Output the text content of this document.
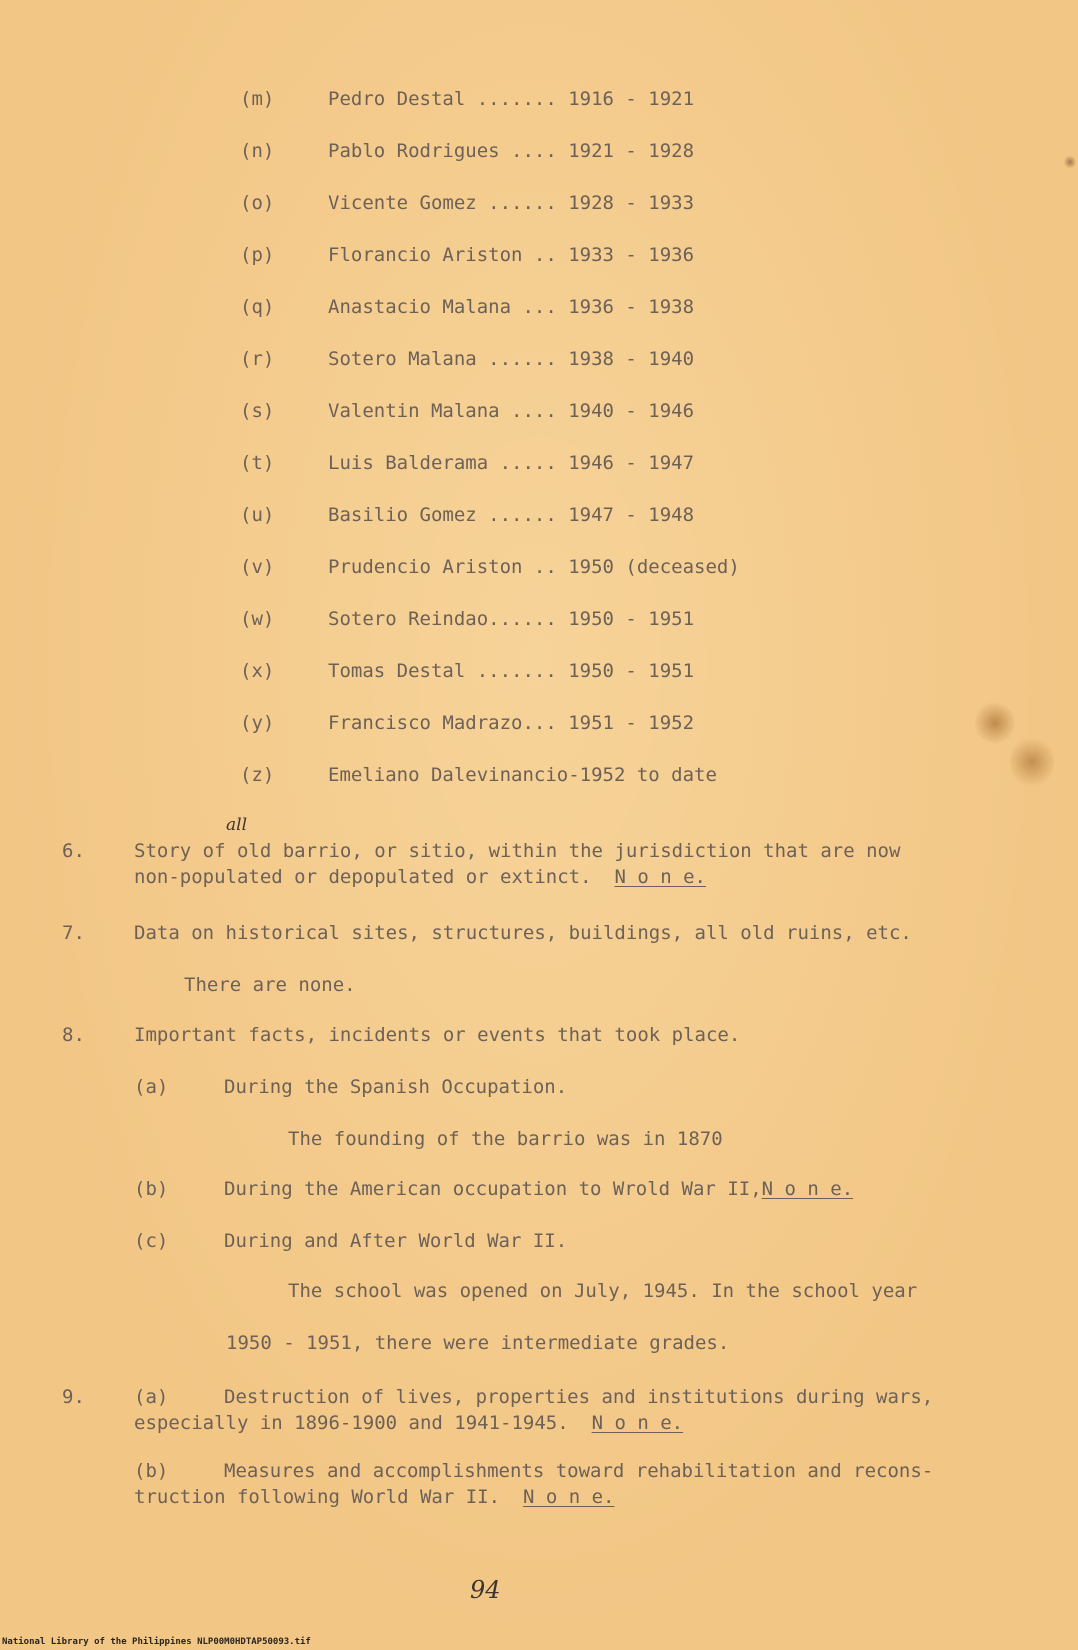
(m)	Pedro Destal ....... 1916 - 1921
(n)	Pablo Rodrigues .... 1921 - 1928
(o)	Vicente Gomez ...... 1928 - 1933
(p)	Florancio Ariston .. 1933 - 1936
(q)	Anastacio Malana ... 1936 - 1938
(r)	Sotero Malana ...... 1938 - 1940
(s)	Valentin Malana .... 1940 - 1946
(t)	Luis Balderama ..... 1946 - 1947
(u)	Basilio Gomez ...... 1947 - 1948
(v)	Prudencio Ariston .. 1950 (deceased)
(w)	Sotero Reindao...... 1950 - 1951
(x)	Tomas Destal ....... 1950 - 1951
(y)	Francisco Madrazo... 1951 - 1952
(z)	Emeliano Dalevinancio-1952 to date
6.
all
Story of old barrio, or sitio, within the jurisdiction that are now
non-populated or depopulated or extinct. N o n e.
7.	Data on historical sites, structures, buildings, all old ruins, etc.
There are none.
8.	Important facts, incidents or events that took place.
(a)	During the Spanish Occupation.
The founding of the barrio was in 1870
(b)	During the American occupation to Wrold War II,N o n e.
(c)	During and After World War II.
The school was opened on July, 1945. In the school year
1950 - 1951, there were intermediate grades.
9.	(a)	Destruction of lives, properties and institutions during wars,
especially in 1896-1900 and 1941-1945. N o n e.
(b)	Measures and accomplishments toward rehabilitation and recons-
truction following World War II. N o n e.
94
National Library of the Philippines NLP00M0HDTAP50093.tif
